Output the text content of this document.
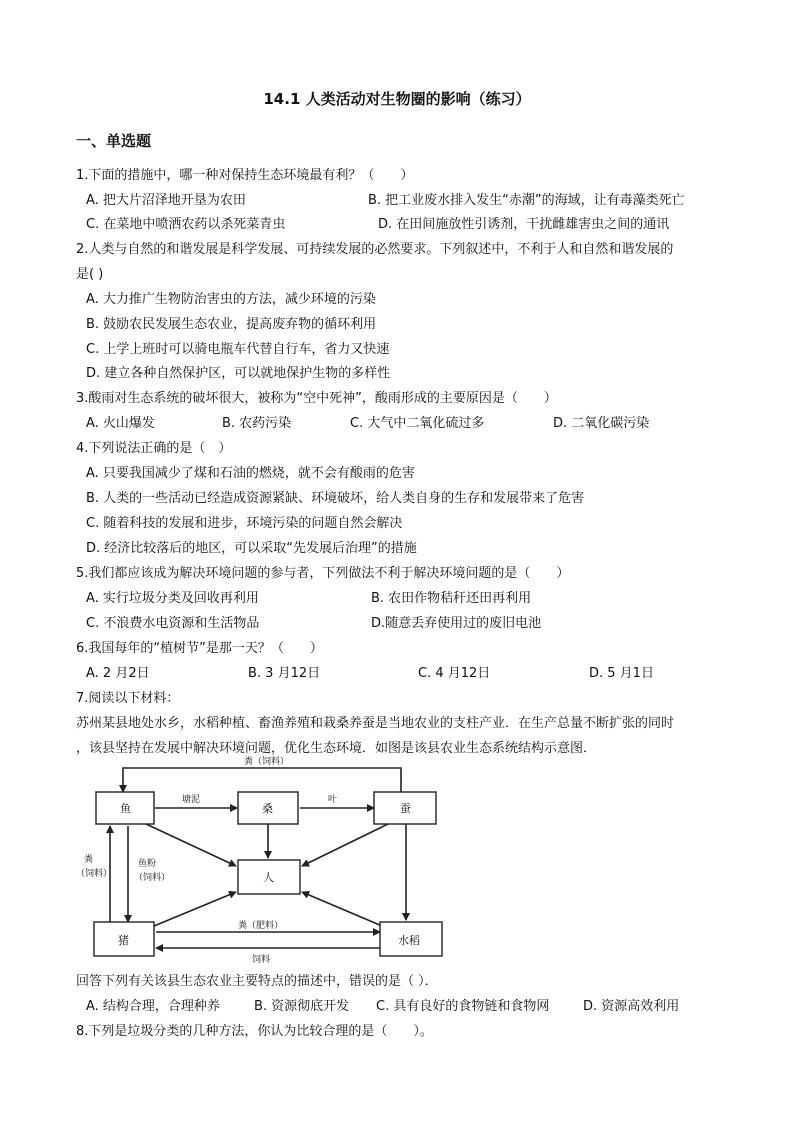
14.1 人类活动对生物圈的影响（练习）
一、单选题
1.下面的措施中，哪一种对保持生态环境最有利？（　　）
A. 把大片沼泽地开垦为农田	B. 把工业废水排入发生“赤潮”的海域，让有毒藻类死亡
C. 在菜地中喷洒农药以杀死菜青虫	D. 在田间施放性引诱剂，干扰雌雄害虫之间的通讯
2.人类与自然的和谐发展是科学发展、可持续发展的必然要求。下列叙述中，不利于人和自然和谐发展的
是( )
A. 大力推广生物防治害虫的方法，减少环境的污染
B. 鼓励农民发展生态农业，提高废弃物的循环利用
C. 上学上班时可以骑电瓶车代替自行车，省力又快速
D. 建立各种自然保护区，可以就地保护生物的多样性
3.酸雨对生态系统的破坏很大，被称为“空中死神”，酸雨形成的主要原因是（　　）
A. 火山爆发	B. 农药污染	C. 大气中二氧化硫过多	D. 二氧化碳污染
4.下列说法正确的是（　）
A. 只要我国减少了煤和石油的燃烧，就不会有酸雨的危害
B. 人类的一些活动已经造成资源紧缺、环境破坏，给人类自身的生存和发展带来了危害
C. 随着科技的发展和进步，环境污染的问题自然会解决
D. 经济比较落后的地区，可以采取“先发展后治理”的措施
5.我们都应该成为解决环境问题的参与者，下列做法不利于解决环境问题的是（　　）
A. 实行垃圾分类及回收再利用	B. 农田作物秸秆还田再利用
C. 不浪费水电资源和生活物品	D.随意丢弃使用过的废旧电池
6.我国每年的“植树节”是那一天？（　　）
A. 2 月2日	B. 3 月12日	C. 4 月12日	D. 5 月1日
7.阅读以下材料：
苏州某县地处水乡，水稻种植、畜渔养殖和栽桑养蚕是当地农业的支柱产业．在生产总量不断扩张的同时
，该县坚持在发展中解决环境问题，优化生态环境．如图是该县农业生态系统结构示意图．
鱼	桑	蚕
人
猪	水稻
粪（饲料）
塘泥	叶
粪
（饲料）
鱼粉
（饲料）
粪（肥料）
饲料
回答下列有关该县生态农业主要特点的描述中，错误的是（ ）．
A. 结构合理，合理种养	B. 资源彻底开发 C. 具有良好的食物链和食物网	D. 资源高效利用
8.下列是垃圾分类的几种方法，你认为比较合理的是（　　）。
